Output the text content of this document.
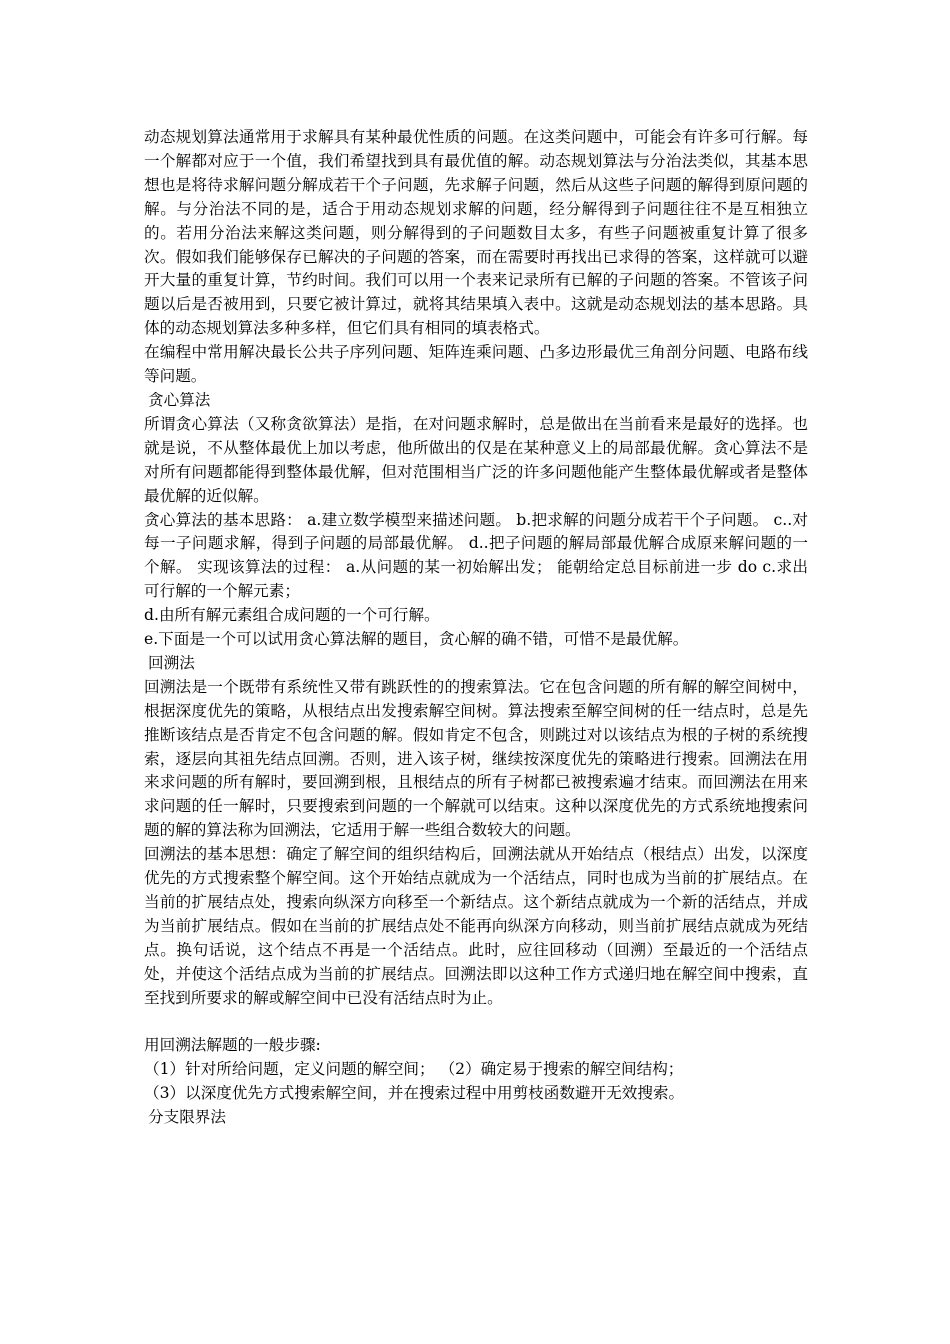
动态规划算法通常用于求解具有某种最优性质的问题。在这类问题中，可能会有许多可行解。每一个解都对应于一个值，我们希望找到具有最优值的解。动态规划算法与分治法类似，其基本思想也是将待求解问题分解成若干个子问题，先求解子问题，然后从这些子问题的解得到原问题的解。与分治法不同的是，适合于用动态规划求解的问题，经分解得到子问题往往不是互相独立的。若用分治法来解这类问题，则分解得到的子问题数目太多，有些子问题被重复计算了很多次。假如我们能够保存已解决的子问题的答案，而在需要时再找出已求得的答案，这样就可以避开大量的重复计算，节约时间。我们可以用一个表来记录所有已解的子问题的答案。不管该子问题以后是否被用到，只要它被计算过，就将其结果填入表中。这就是动态规划法的基本思路。具体的动态规划算法多种多样，但它们具有相同的填表格式。

在编程中常用解决最长公共子序列问题、矩阵连乘问题、凸多边形最优三角剖分问题、电路布线等问题。

贪心算法

所谓贪心算法（又称贪欲算法）是指，在对问题求解时，总是做出在当前看来是最好的选择。也就是说，不从整体最优上加以考虑，他所做出的仅是在某种意义上的局部最优解。贪心算法不是对所有问题都能得到整体最优解，但对范围相当广泛的许多问题他能产生整体最优解或者是整体最优解的近似解。

贪心算法的基本思路： a.建立数学模型来描述问题。 b.把求解的问题分成若干个子问题。 c..对每一子问题求解，得到子问题的局部最优解。 d..把子问题的解局部最优解合成原来解问题的一个解。 实现该算法的过程： a.从问题的某一初始解出发； 能朝给定总目标前进一步 do c.求出可行解的一个解元素；

d.由所有解元素组合成问题的一个可行解。

e.下面是一个可以试用贪心算法解的题目，贪心解的确不错，可惜不是最优解。

回溯法

回溯法是一个既带有系统性又带有跳跃性的的搜索算法。它在包含问题的所有解的解空间树中，根据深度优先的策略，从根结点出发搜索解空间树。算法搜索至解空间树的任一结点时，总是先推断该结点是否肯定不包含问题的解。假如肯定不包含，则跳过对以该结点为根的子树的系统搜索，逐层向其祖先结点回溯。否则，进入该子树，继续按深度优先的策略进行搜索。回溯法在用来求问题的所有解时，要回溯到根，且根结点的所有子树都已被搜索遍才结束。而回溯法在用来求问题的任一解时，只要搜索到问题的一个解就可以结束。这种以深度优先的方式系统地搜索问题的解的算法称为回溯法，它适用于解一些组合数较大的问题。

回溯法的基本思想：确定了解空间的组织结构后，回溯法就从开始结点（根结点）出发，以深度优先的方式搜索整个解空间。这个开始结点就成为一个活结点，同时也成为当前的扩展结点。在当前的扩展结点处，搜索向纵深方向移至一个新结点。这个新结点就成为一个新的活结点，并成为当前扩展结点。假如在当前的扩展结点处不能再向纵深方向移动，则当前扩展结点就成为死结点。换句话说，这个结点不再是一个活结点。此时，应往回移动（回溯）至最近的一个活结点处，并使这个活结点成为当前的扩展结点。回溯法即以这种工作方式递归地在解空间中搜索，直至找到所要求的解或解空间中已没有活结点时为止。

用回溯法解题的一般步骤:

（1）针对所给问题，定义问题的解空间； （2）确定易于搜索的解空间结构；

（3）以深度优先方式搜索解空间，并在搜索过程中用剪枝函数避开无效搜索。

分支限界法
